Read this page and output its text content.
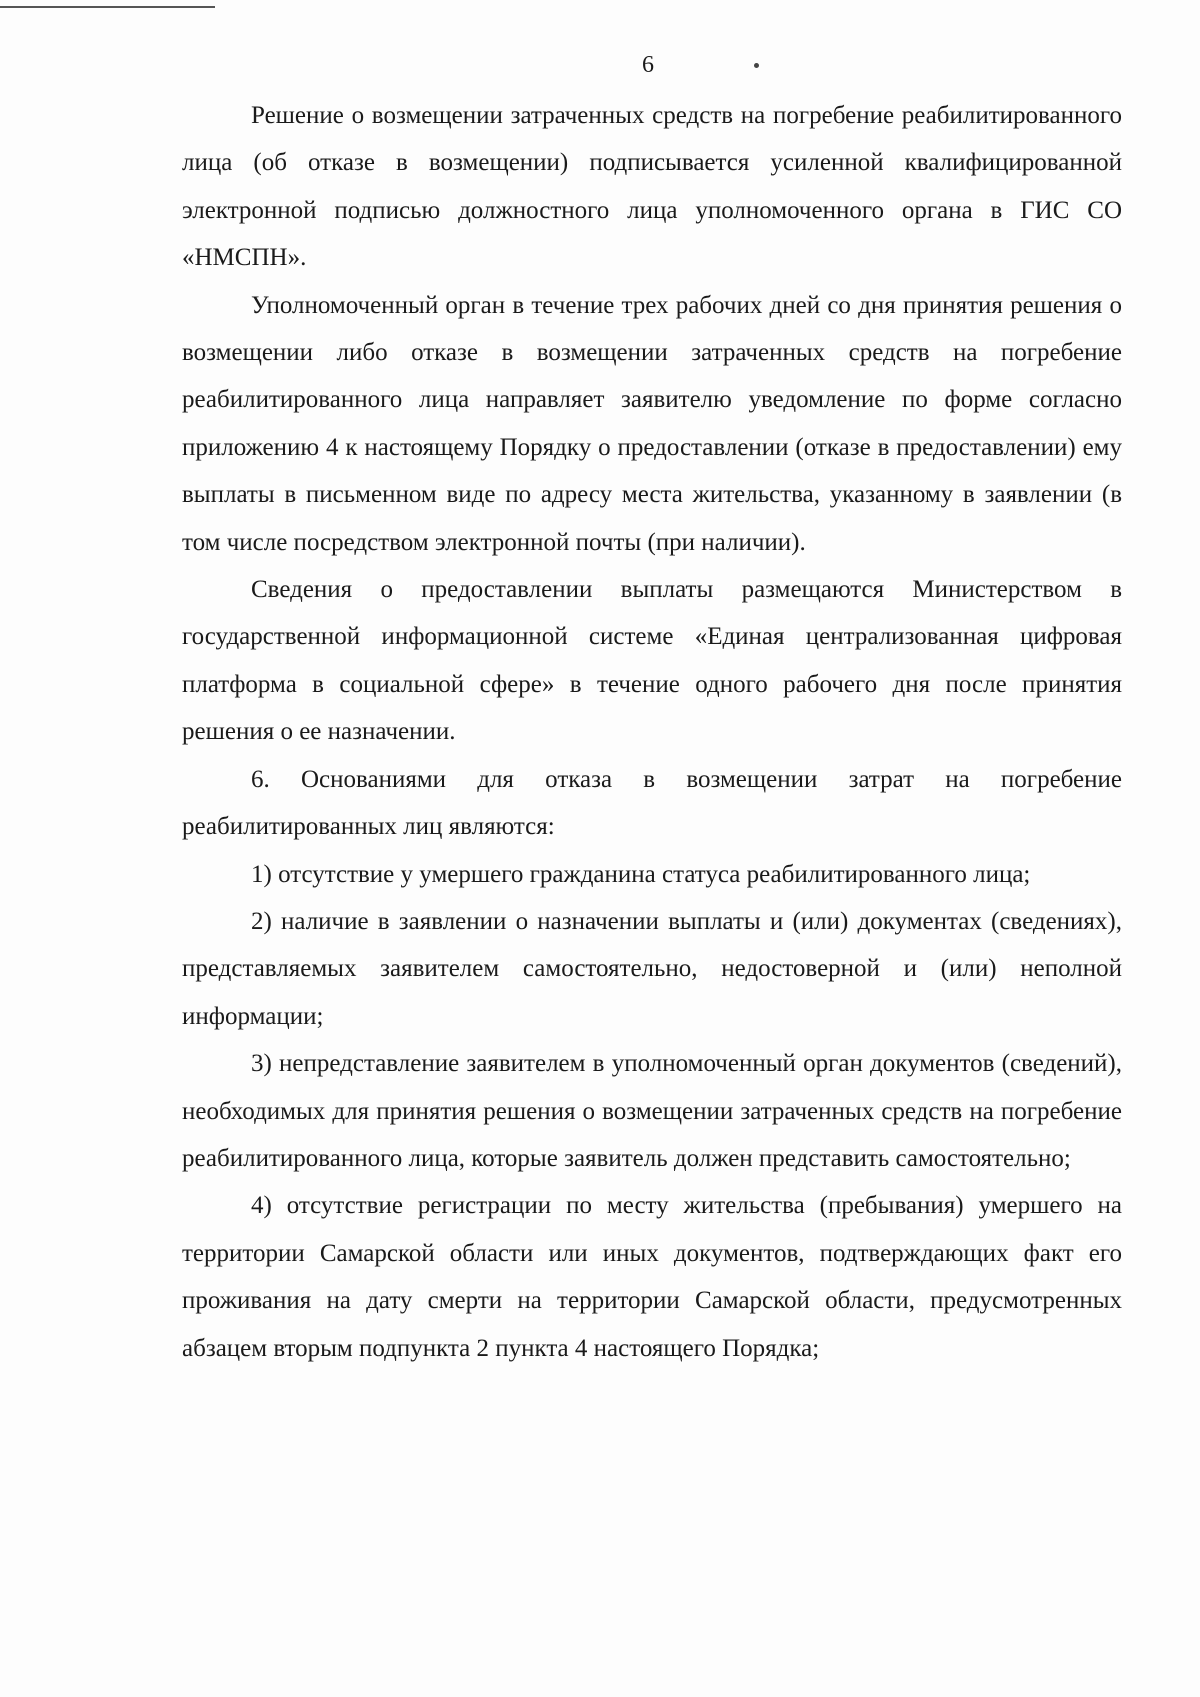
6

Решение о возмещении затраченных средств на погребение реабилитированного лица (об отказе в возмещении) подписывается усиленной квалифицированной электронной подписью должностного лица уполномоченного органа в ГИС СО «НМСПН».

Уполномоченный орган в течение трех рабочих дней со дня принятия решения о возмещении либо отказе в возмещении затраченных средств на погребение реабилитированного лица направляет заявителю уведомление по форме согласно приложению 4 к настоящему Порядку о предоставлении (отказе в предоставлении) ему выплаты в письменном виде по адресу места жительства, указанному в заявлении (в том числе посредством электронной почты (при наличии).

Сведения о предоставлении выплаты размещаются Министерством в государственной информационной системе «Единая централизованная цифровая платформа в социальной сфере» в течение одного рабочего дня после принятия решения о ее назначении.

6. Основаниями для отказа в возмещении затрат на погребение реабилитированных лиц являются:

1) отсутствие у умершего гражданина статуса реабилитированного лица;

2) наличие в заявлении о назначении выплаты и (или) документах (сведениях), представляемых заявителем самостоятельно, недостоверной и (или) неполной информации;

3) непредставление заявителем в уполномоченный орган документов (сведений), необходимых для принятия решения о возмещении затраченных средств на погребение реабилитированного лица, которые заявитель должен представить самостоятельно;

4) отсутствие регистрации по месту жительства (пребывания) умершего на территории Самарской области или иных документов, подтверждающих факт его проживания на дату смерти на территории Самарской области, предусмотренных абзацем вторым подпункта 2 пункта 4 настоящего Порядка;
